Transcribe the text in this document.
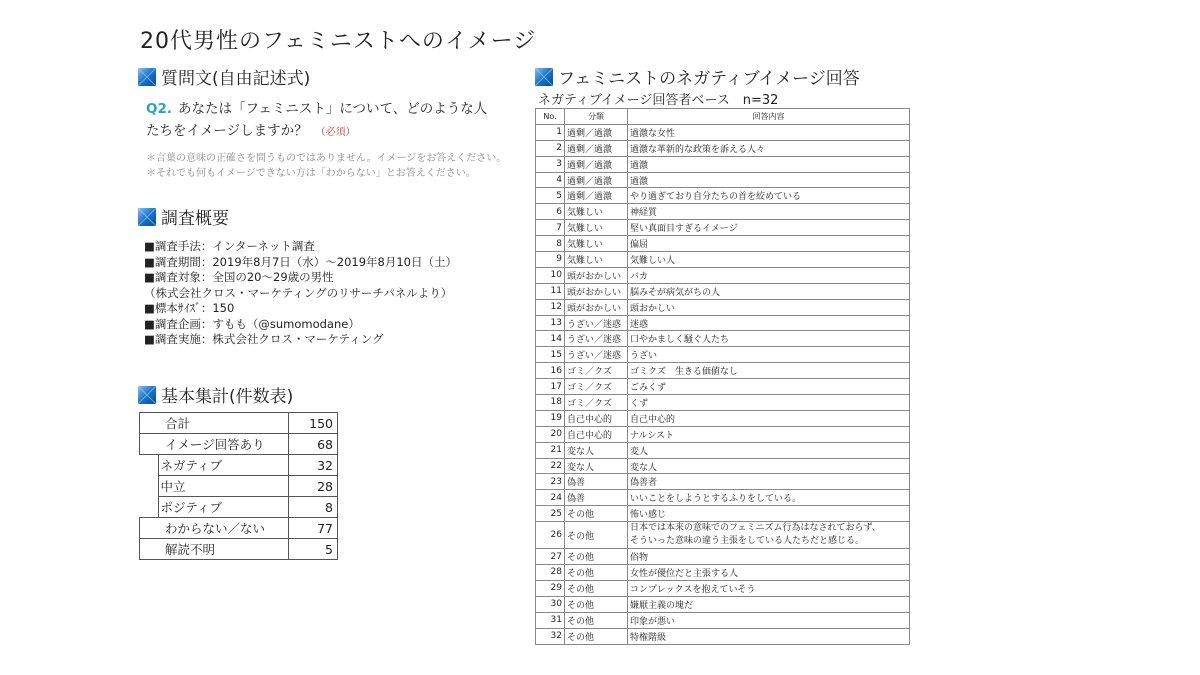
20代男性のフェミニストへのイメージ
質問文(自由記述式)
Q2. あなたは「フェミニスト」について、どのような人
たちをイメージしますか？ （必須）
＊言葉の意味の正確さを問うものではありません。イメージをお答えください。
＊それでも何もイメージできない方は「わからない」とお答えください。
調査概要
■調査手法：インターネット調査
■調査期間：2019年8月7日（水）～2019年8月10日（土）
■調査対象：全国の20～29歳の男性
（株式会社クロス・マーケティングのリサーチパネルより）
■標本ｻｲｽﾞ：150
■調査企画：すもも（@sumomodane）
■調査実施：株式会社クロス・マーケティング
基本集計(件数表)
合計		150
イメージ回答あり		68
	ネガティブ	32
	中立	28
	ポジティブ	8
わからない／ない		77
解読不明		5
フェミニストのネガティブイメージ回答
ネガティブイメージ回答者ベース　n=32
No.	分類	回答内容
1	過剰／過激	過激な女性
2	過剰／過激	過激な革新的な政策を訴える人々
3	過剰／過激	過激
4	過剰／過激	過激
5	過剰／過激	やり過ぎており自分たちの首を絞めている
6	気難しい	神経質
7	気難しい	堅い真面目すぎるイメージ
8	気難しい	偏屈
9	気難しい	気難しい人
10	頭がおかしい	バカ
11	頭がおかしい	脳みそが病気がちの人
12	頭がおかしい	頭おかしい
13	うざい／迷惑	迷惑
14	うざい／迷惑	口やかましく騒ぐ人たち
15	うざい／迷惑	うざい
16	ゴミ／クズ	ゴミクズ　生きる価値なし
17	ゴミ／クズ	ごみくず
18	ゴミ／クズ	くず
19	自己中心的	自己中心的
20	自己中心的	ナルシスト
21	変な人	変人
22	変な人	変な人
23	偽善	偽善者
24	偽善	いいことをしようとするふりをしている。
25	その他	怖い感じ
26	その他	日本では本来の意味でのフェミニズム行為はなされておらず、
そういった意味の違う主張をしている人たちだと感じる。

27	その他	俗物
28	その他	女性が優位だと主張する人
29	その他	コンプレックスを抱えていそう
30	その他	嫌厭主義の塊だ
31	その他	印象が悪い
32	その他	特権階級
